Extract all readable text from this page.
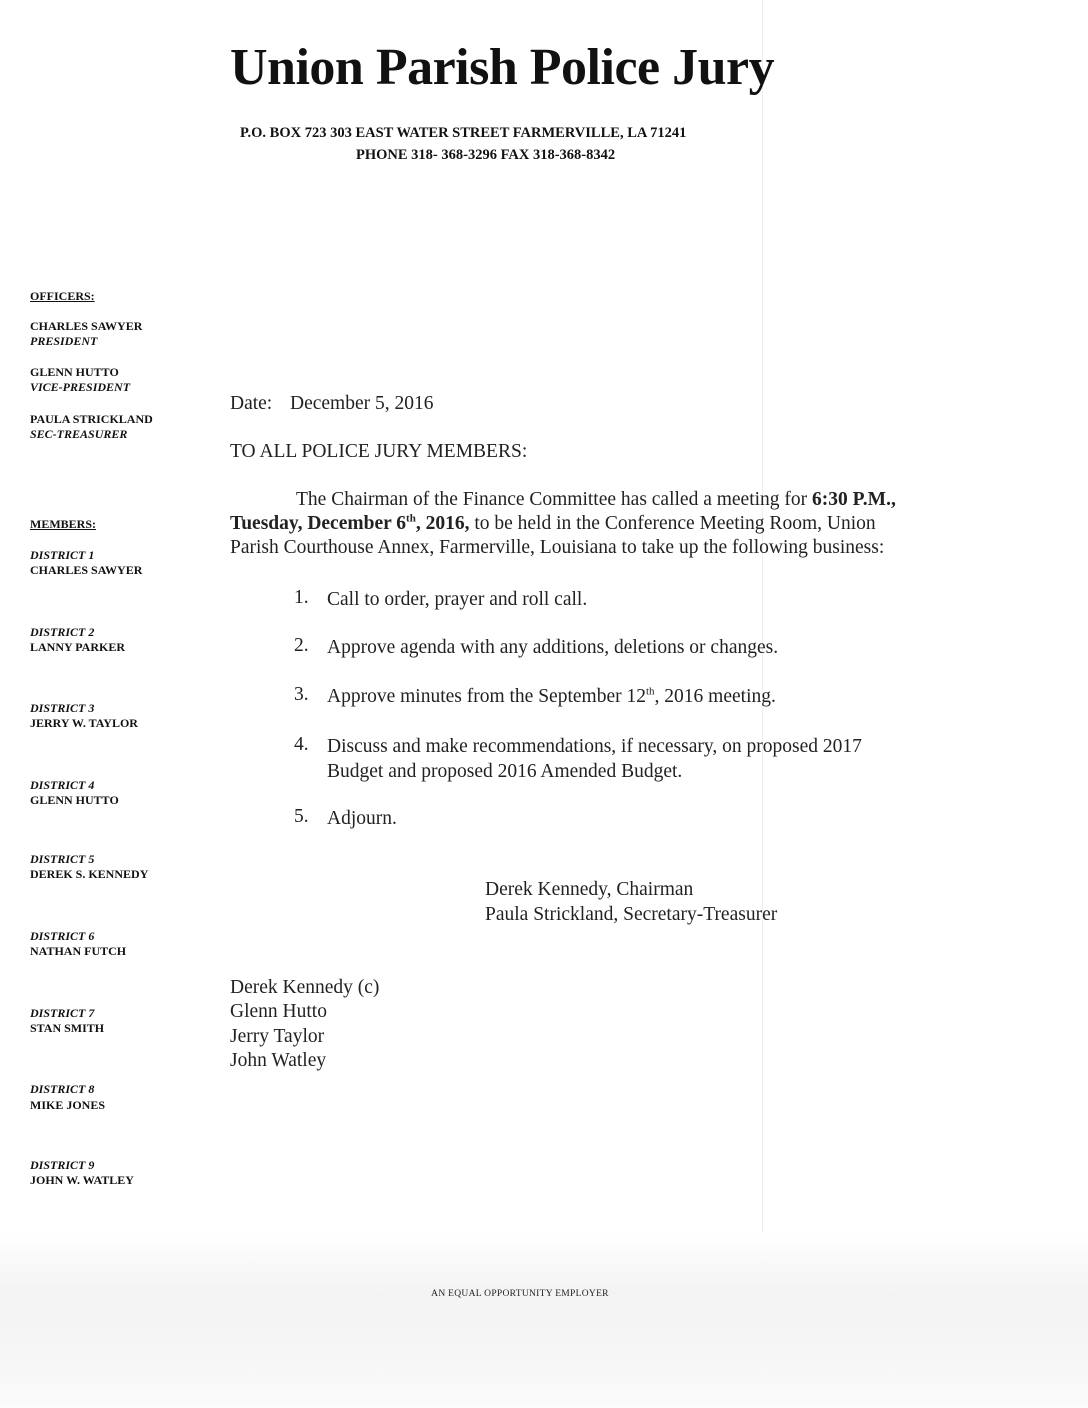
Union Parish Police Jury
P.O. BOX 723 303 EAST WATER STREET FARMERVILLE, LA 71241
PHONE 318- 368-3296 FAX 318-368-8342
OFFICERS:
CHARLES SAWYER
PRESIDENT
GLENN HUTTO
VICE-PRESIDENT
PAULA STRICKLAND
SEC-TREASURER
MEMBERS:
DISTRICT 1
CHARLES SAWYER
DISTRICT 2
LANNY PARKER
DISTRICT 3
JERRY W. TAYLOR
DISTRICT 4
GLENN HUTTO
DISTRICT 5
DEREK S. KENNEDY
DISTRICT 6
NATHAN FUTCH
DISTRICT 7
STAN SMITH
DISTRICT 8
MIKE JONES
DISTRICT 9
JOHN W. WATLEY
Date: December 5, 2016
TO ALL POLICE JURY MEMBERS:
The Chairman of the Finance Committee has called a meeting for 6:30 P.M.,
Tuesday, December 6th, 2016, to be held in the Conference Meeting Room, Union
Parish Courthouse Annex, Farmerville, Louisiana to take up the following business:
1. Call to order, prayer and roll call.
2. Approve agenda with any additions, deletions or changes.
3. Approve minutes from the September 12th, 2016 meeting.
4. Discuss and make recommendations, if necessary, on proposed 2017 Budget and proposed 2016 Amended Budget.
5. Adjourn.
Derek Kennedy, Chairman
Paula Strickland, Secretary-Treasurer
Derek Kennedy (c)
Glenn Hutto
Jerry Taylor
John Watley
AN EQUAL OPPORTUNITY EMPLOYER
